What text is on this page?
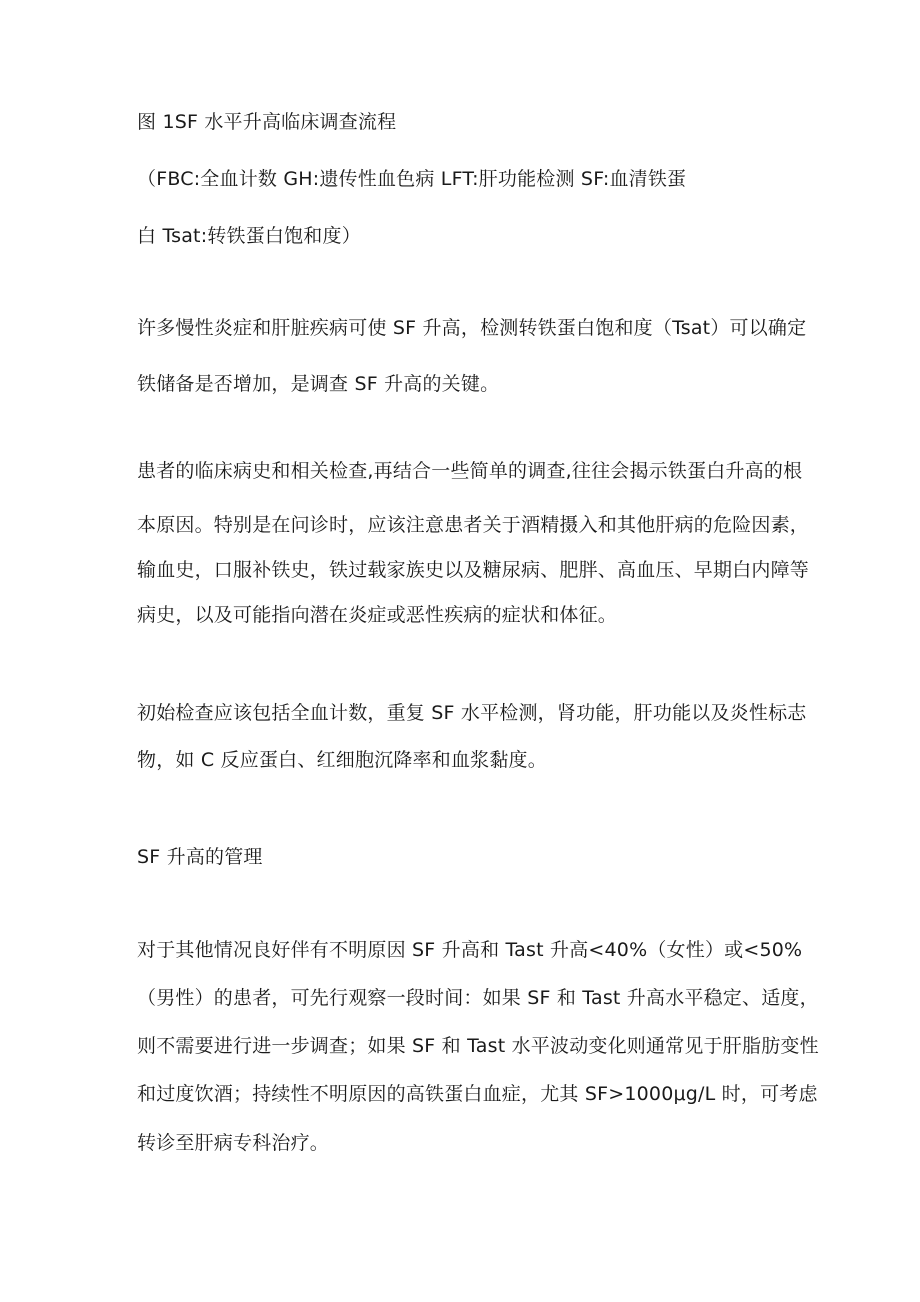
图 1SF 水平升高临床调查流程
（FBC:全血计数 GH:遗传性血色病 LFT:肝功能检测 SF:血清铁蛋
白 Tsat:转铁蛋白饱和度）
许多慢性炎症和肝脏疾病可使 SF 升高，检测转铁蛋白饱和度（Tsat）可以确定
铁储备是否增加，是调查 SF 升高的关键。
患者的临床病史和相关检查,再结合一些简单的调查,往往会揭示铁蛋白升高的根
本原因。特别是在问诊时，应该注意患者关于酒精摄入和其他肝病的危险因素，
输血史，口服补铁史，铁过载家族史以及糖尿病、肥胖、高血压、早期白内障等
病史，以及可能指向潜在炎症或恶性疾病的症状和体征。
初始检查应该包括全血计数，重复 SF 水平检测，肾功能，肝功能以及炎性标志
物，如 C 反应蛋白、红细胞沉降率和血浆黏度。
SF 升高的管理
对于其他情况良好伴有不明原因 SF 升高和 Tast 升高<40%（女性）或<50%
（男性）的患者，可先行观察一段时间：如果 SF 和 Tast 升高水平稳定、适度，
则不需要进行进一步调查；如果 SF 和 Tast 水平波动变化则通常见于肝脂肪变性
和过度饮酒；持续性不明原因的高铁蛋白血症，尤其 SF>1000μg/L 时，可考虑
转诊至肝病专科治疗。
